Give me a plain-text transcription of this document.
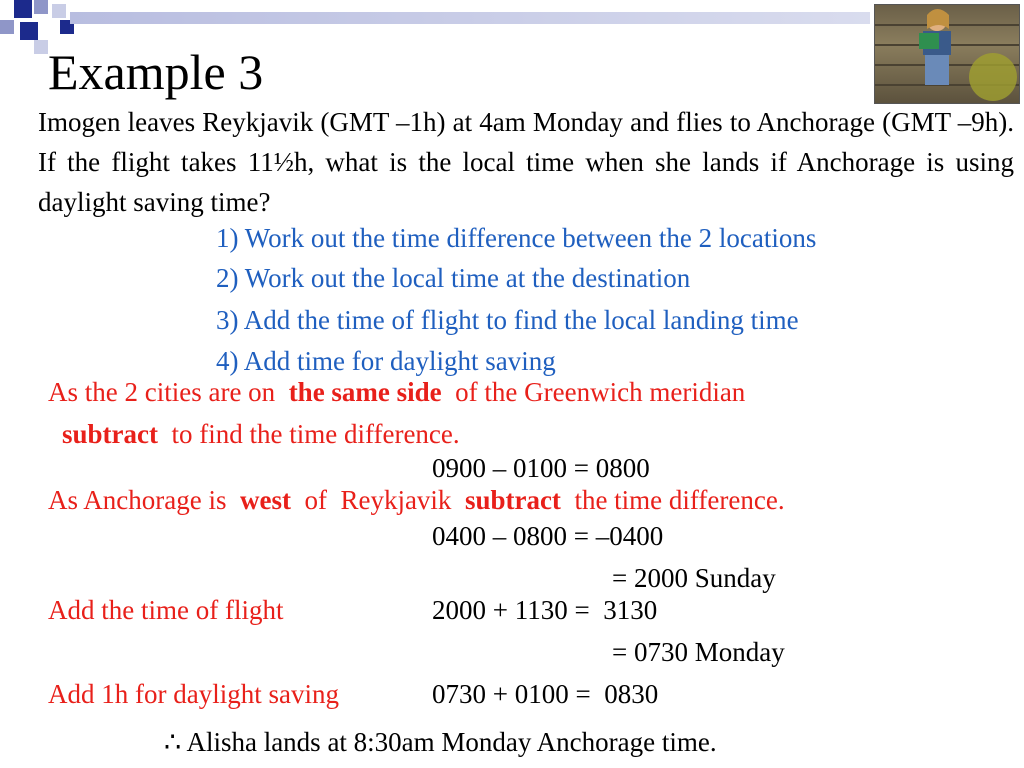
Example 3
Imogen leaves Reykjavik (GMT –1h) at 4am Monday and flies to Anchorage (GMT –9h). If the flight takes 11½h, what is the local time when she lands if Anchorage is using daylight saving time?
1) Work out the time difference between the 2 locations
2) Work out the local time at the destination
3) Add the time of flight to find the local landing time
4) Add time for daylight saving
As the 2 cities are on the same side of the Greenwich meridian
subtract to find the time difference.
0900 – 0100 = 0800
As Anchorage is west of Reykjavik subtract the time difference.
0400 – 0800 = –0400
= 2000 Sunday
Add the time of flight	2000 + 1130 = 3130
= 0730 Monday
Add 1h for daylight saving	0730 + 0100 = 0830
∴ Alisha lands at 8:30am Monday Anchorage time.
